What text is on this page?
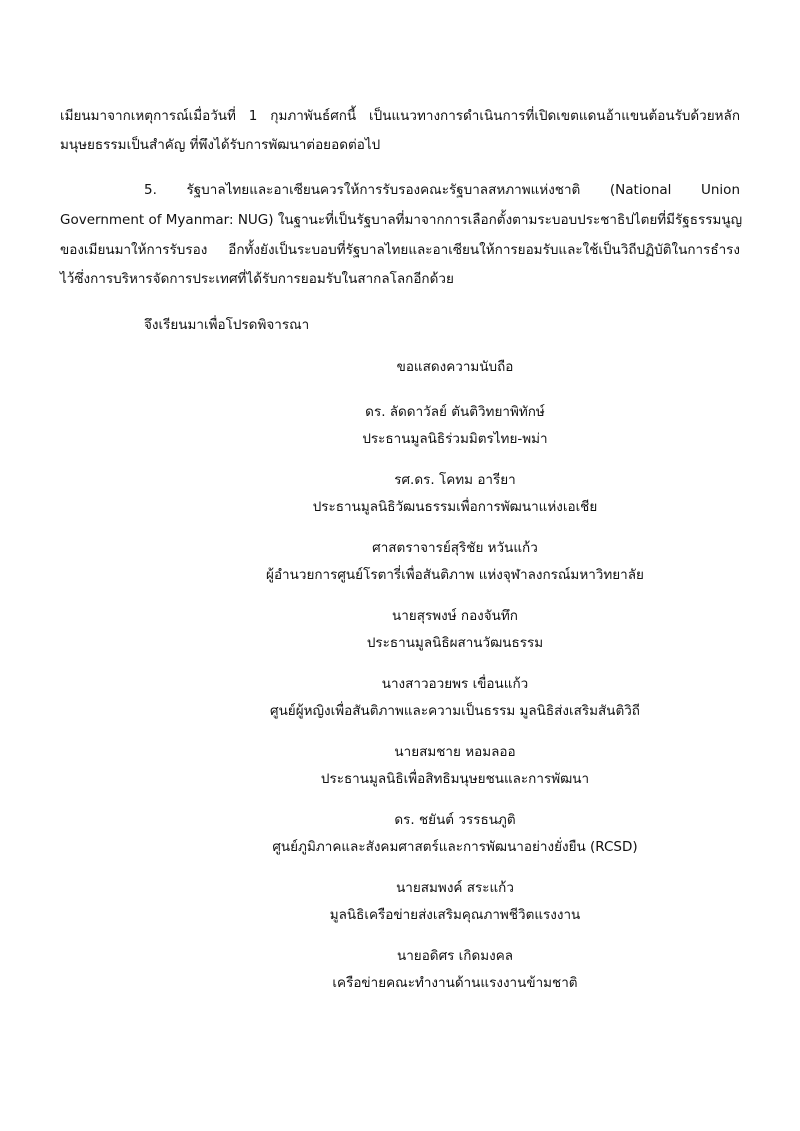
เมียนมาจากเหตุการณ์เมื่อวันที่ 1 กุมภาพันธ์ศกนี้ เป็นแนวทางการดำเนินการที่เปิดเขตแดนอ้าแขนต้อนรับด้วยหลัก
มนุษยธรรมเป็นสำคัญ ที่พึงได้รับการพัฒนาต่อยอดต่อไป
5. รัฐบาลไทยและอาเซียนควรให้การรับรองคณะรัฐบาลสหภาพแห่งชาติ (National Union
Government of Myanmar: NUG) ในฐานะที่เป็นรัฐบาลที่มาจากการเลือกตั้งตามระบอบประชาธิปไตยที่มีรัฐธรรมนูญ
ของเมียนมาให้การรับรอง อีกทั้งยังเป็นระบอบที่รัฐบาลไทยและอาเซียนให้การยอมรับและใช้เป็นวิถีปฏิบัติในการธำรง
ไว้ซึ่งการบริหารจัดการประเทศที่ได้รับการยอมรับในสากลโลกอีกด้วย
จึงเรียนมาเพื่อโปรดพิจารณา
ขอแสดงความนับถือ
ดร. ลัดดาวัลย์ ตันติวิทยาพิทักษ์
ประธานมูลนิธิร่วมมิตรไทย-พม่า
รศ.ดร. โคทม อารียา
ประธานมูลนิธิวัฒนธรรมเพื่อการพัฒนาแห่งเอเชีย
ศาสตราจารย์สุริชัย หวันแก้ว
ผู้อำนวยการศูนย์โรตารี่เพื่อสันติภาพ แห่งจุฬาลงกรณ์มหาวิทยาลัย
นายสุรพงษ์ กองจันทึก
ประธานมูลนิธิผสานวัฒนธรรม
นางสาวอวยพร เขื่อนแก้ว
ศูนย์ผู้หญิงเพื่อสันติภาพและความเป็นธรรม มูลนิธิส่งเสริมสันติวิถี
นายสมชาย หอมลออ
ประธานมูลนิธิเพื่อสิทธิมนุษยชนและการพัฒนา
ดร. ชยันต์ วรรธนภูติ
ศูนย์ภูมิภาคและสังคมศาสตร์และการพัฒนาอย่างยั่งยืน (RCSD)
นายสมพงค์ สระแก้ว
มูลนิธิเครือข่ายส่งเสริมคุณภาพชีวิตแรงงาน
นายอดิศร เกิดมงคล
เครือข่ายคณะทำงานด้านแรงงานข้ามชาติ
